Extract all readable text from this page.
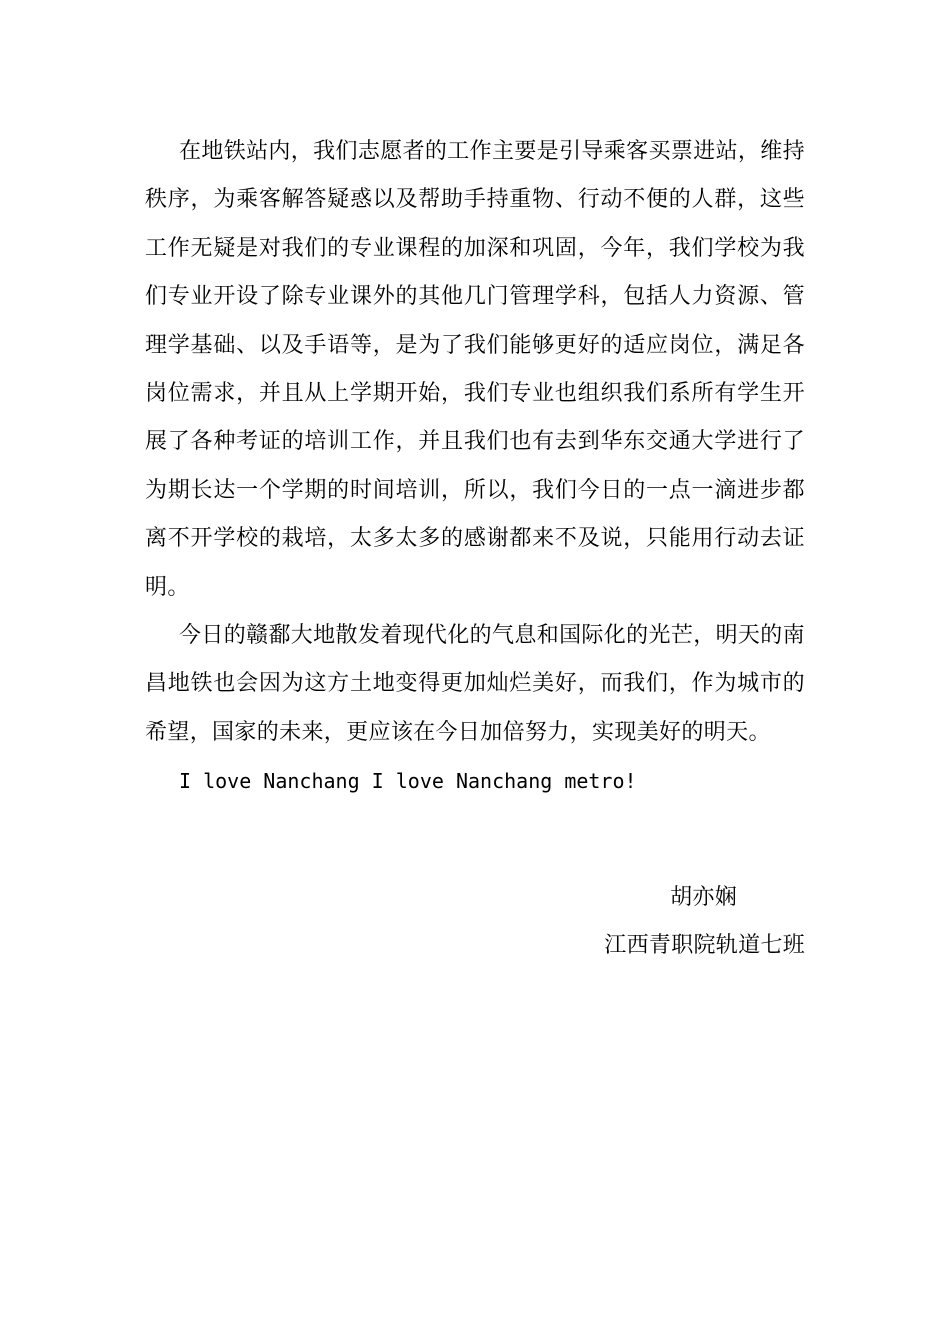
在地铁站内，我们志愿者的工作主要是引导乘客买票进站，维持秩序，为乘客解答疑惑以及帮助手持重物、行动不便的人群，这些工作无疑是对我们的专业课程的加深和巩固，今年，我们学校为我们专业开设了除专业课外的其他几门管理学科，包括人力资源、管理学基础、以及手语等，是为了我们能够更好的适应岗位，满足各岗位需求，并且从上学期开始，我们专业也组织我们系所有学生开展了各种考证的培训工作，并且我们也有去到华东交通大学进行了为期长达一个学期的时间培训，所以，我们今日的一点一滴进步都离不开学校的栽培，太多太多的感谢都来不及说，只能用行动去证明。

今日的赣鄱大地散发着现代化的气息和国际化的光芒，明天的南昌地铁也会因为这方土地变得更加灿烂美好，而我们，作为城市的希望，国家的未来，更应该在今日加倍努力，实现美好的明天。

I love Nanchang I love Nanchang metro!

胡亦娴
江西青职院轨道七班
